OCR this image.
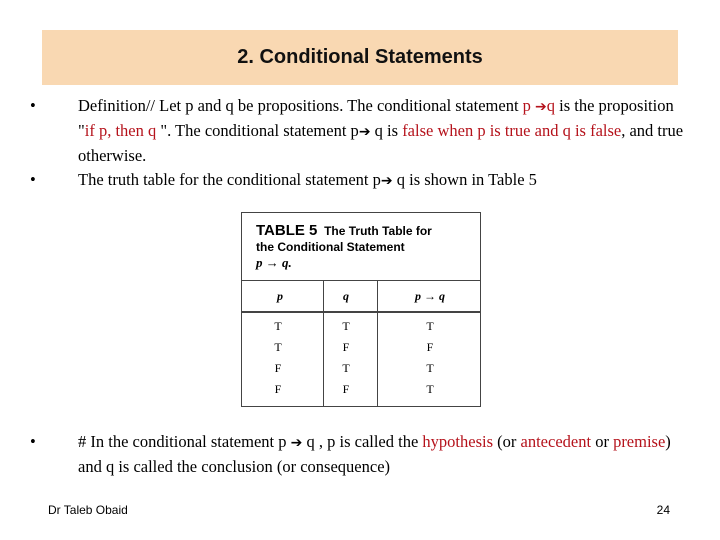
2. Conditional Statements
•	Definition// Let p and q be propositions. The conditional statement p ➔q is the proposition "if p, then q ". The conditional statement p➔ q is false when p is true and q is false, and true otherwise.
•	The truth table for the conditional statement p➔ q is shown in Table 5
TABLE 5 The Truth Table for
the Conditional Statement
p → q.
p	q	p → q
T	T	T
T	F	F
F	T	T
F	F	T
•	# In the conditional statement p ➔ q , p is called the hypothesis (or antecedent or premise) and q is called the conclusion (or consequence)
Dr Taleb Obaid	24
